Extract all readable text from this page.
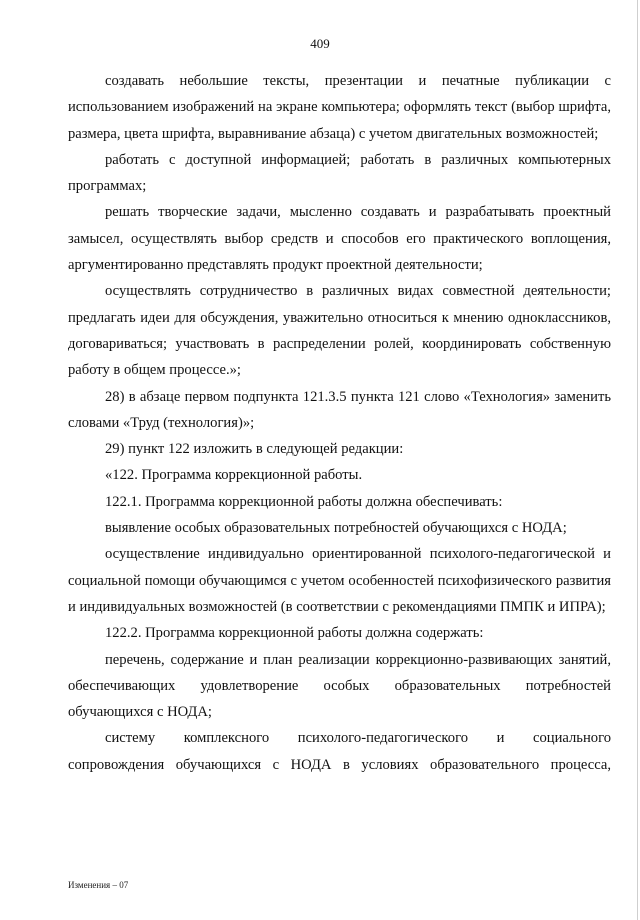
409

создавать небольшие тексты, презентации и печатные публикации с использованием изображений на экране компьютера; оформлять текст (выбор шрифта, размера, цвета шрифта, выравнивание абзаца) с учетом двигательных возможностей;

работать с доступной информацией; работать в различных компьютерных программах;

решать творческие задачи, мысленно создавать и разрабатывать проектный замысел, осуществлять выбор средств и способов его практического воплощения, аргументированно представлять продукт проектной деятельности;

осуществлять сотрудничество в различных видах совместной деятельности; предлагать идеи для обсуждения, уважительно относиться к мнению одноклассников, договариваться; участвовать в распределении ролей, координировать собственную работу в общем процессе.»;

28) в абзаце первом подпункта 121.3.5 пункта 121 слово «Технология» заменить словами «Труд (технология)»;

29) пункт 122 изложить в следующей редакции:

«122. Программа коррекционной работы.

122.1. Программа коррекционной работы должна обеспечивать:

выявление особых образовательных потребностей обучающихся с НОДА;

осуществление индивидуально ориентированной психолого-педагогической и социальной помощи обучающимся с учетом особенностей психофизического развития и индивидуальных возможностей (в соответствии с рекомендациями ПМПК и ИПРА);

122.2. Программа коррекционной работы должна содержать:

перечень, содержание и план реализации коррекционно-развивающих занятий, обеспечивающих удовлетворение особых образовательных потребностей обучающихся с НОДА;

систему комплексного психолого-педагогического и социального сопровождения обучающихся с НОДА в условиях образовательного процесса,

Изменения – 07
